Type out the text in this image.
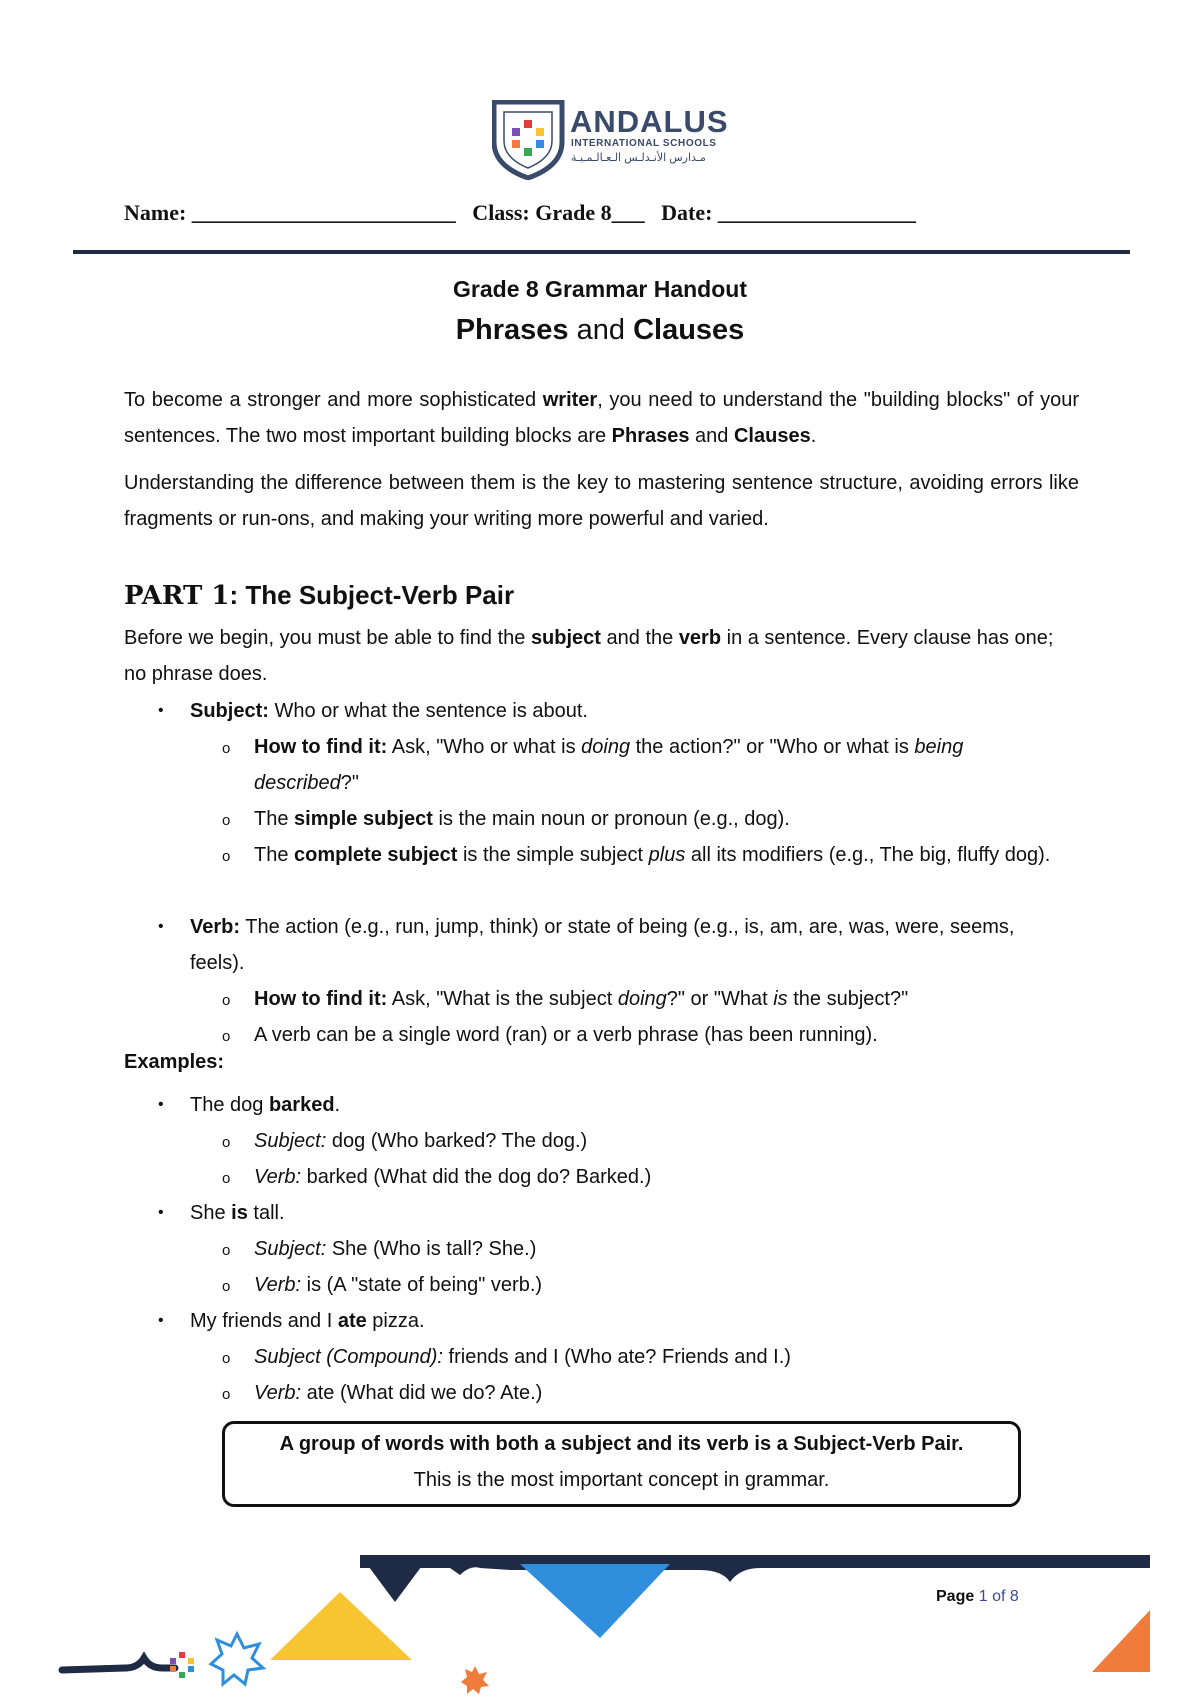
ANDALUS
INTERNATIONAL SCHOOLS
مـدارس الأنـدلـس الـعـالـمـيـة
Name: ________________________   Class: Grade 8___   Date: __________________
Grade 8 Grammar Handout
Phrases and Clauses
To become a stronger and more sophisticated writer, you need to understand the "building blocks" of your sentences. The two most important building blocks are Phrases and Clauses.
Understanding the difference between them is the key to mastering sentence structure, avoiding errors like fragments or run-ons, and making your writing more powerful and varied.
PART 1: The Subject-Verb Pair
Before we begin, you must be able to find the subject and the verb in a sentence. Every clause has one; no phrase does.
• Subject: Who or what the sentence is about.
o How to find it: Ask, "Who or what is doing the action?" or "Who or what is being described?"
o The simple subject is the main noun or pronoun (e.g., dog).
o The complete subject is the simple subject plus all its modifiers (e.g., The big, fluffy dog).
• Verb: The action (e.g., run, jump, think) or state of being (e.g., is, am, are, was, were, seems, feels).
o How to find it: Ask, "What is the subject doing?" or "What is the subject?"
o A verb can be a single word (ran) or a verb phrase (has been running).
Examples:
• The dog barked.
o Subject: dog (Who barked? The dog.)
o Verb: barked (What did the dog do? Barked.)
• She is tall.
o Subject: She (Who is tall? She.)
o Verb: is (A "state of being" verb.)
• My friends and I ate pizza.
o Subject (Compound): friends and I (Who ate? Friends and I.)
o Verb: ate (What did we do? Ate.)
A group of words with both a subject and its verb is a Subject-Verb Pair.
This is the most important concept in grammar.
Page 1 of 8
